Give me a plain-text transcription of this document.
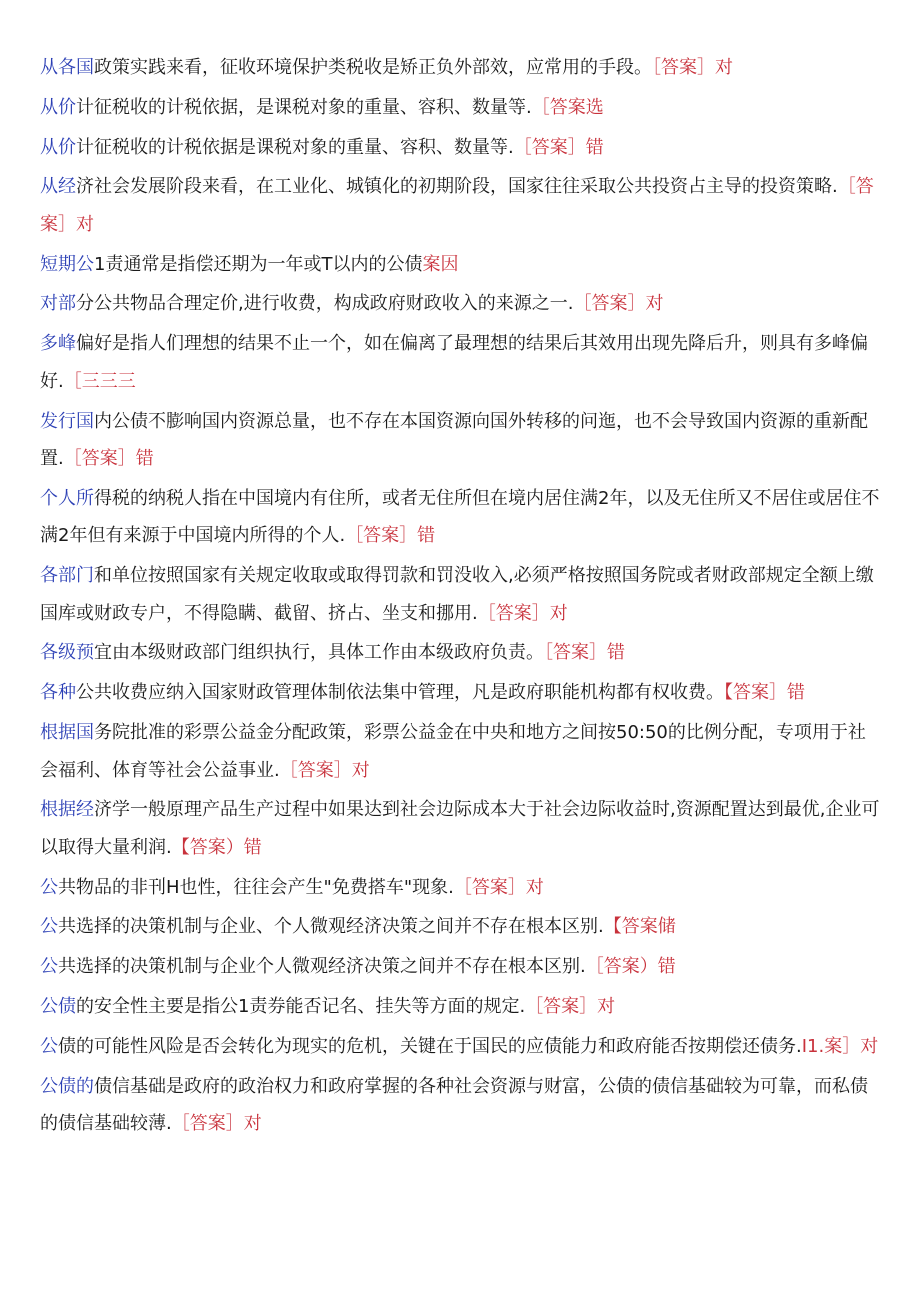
从各国政策实践来看，征收环境保护类税收是矫正负外部效，应常用的手段。［答案］对
从价计征税收的计税依据，是课税对象的重量、容积、数量等.［答案选
从价计征税收的计税依据是课税对象的重量、容积、数量等.［答案］错
从经济社会发展阶段来看，在工业化、城镇化的初期阶段，国家往往采取公共投资占主导的投资策略.［答案］对
短期公1责通常是指偿还期为一年或T以内的公债案因
对部分公共物品合理定价,进行收费，构成政府财政收入的来源之一.［答案］对
多峰偏好是指人们理想的结果不止一个，如在偏离了最理想的结果后其效用出现先降后升，则具有多峰偏好.［三三三
发行国内公债不膨响国内资源总量，也不存在本国资源向国外转移的问迤，也不会导致国内资源的重新配置.［答案］错
个人所得税的纳税人指在中国境内有住所，或者无住所但在境内居住满2年，以及无住所又不居住或居住不满2年但有来源于中国境内所得的个人.［答案］错
各部门和单位按照国家有关规定收取或取得罚款和罚没收入,必须严格按照国务院或者财政部规定全额上缴国库或财政专户，不得隐瞒、截留、挤占、坐支和挪用.［答案］对
各级预宜由本级财政部门组织执行，具体工作由本级政府负责。［答案］错
各种公共收费应纳入国家财政管理体制依法集中管理，凡是政府职能机构都有权收费。【答案］错
根据国务院批准的彩票公益金分配政策，彩票公益金在中央和地方之间按50:50的比例分配，专项用于社会福利、体育等社会公益事业.［答案］对
根据经济学一般原理产品生产过程中如果达到社会边际成本大于社会边际收益时,资源配置达到最优,企业可以取得大量利润.【答案）错
公共物品的非刊H也性，往往会产生"免费搭车"现象.［答案］对
公共选择的决策机制与企业、个人微观经济决策之间并不存在根本区别.【答案储
公共选择的决策机制与企业个人微观经济决策之间并不存在根本区别.［答案）错
公债的安全性主要是指公1责券能否记名、挂失等方面的规定.［答案］对
公债的可能性风险是否会转化为现实的危机，关键在于国民的应债能力和政府能否按期偿还债务.I1.案］对
公债的债信基础是政府的政治权力和政府掌握的各种社会资源与财富，公债的债信基础较为可靠，而私债的债信基础较薄.［答案］对
